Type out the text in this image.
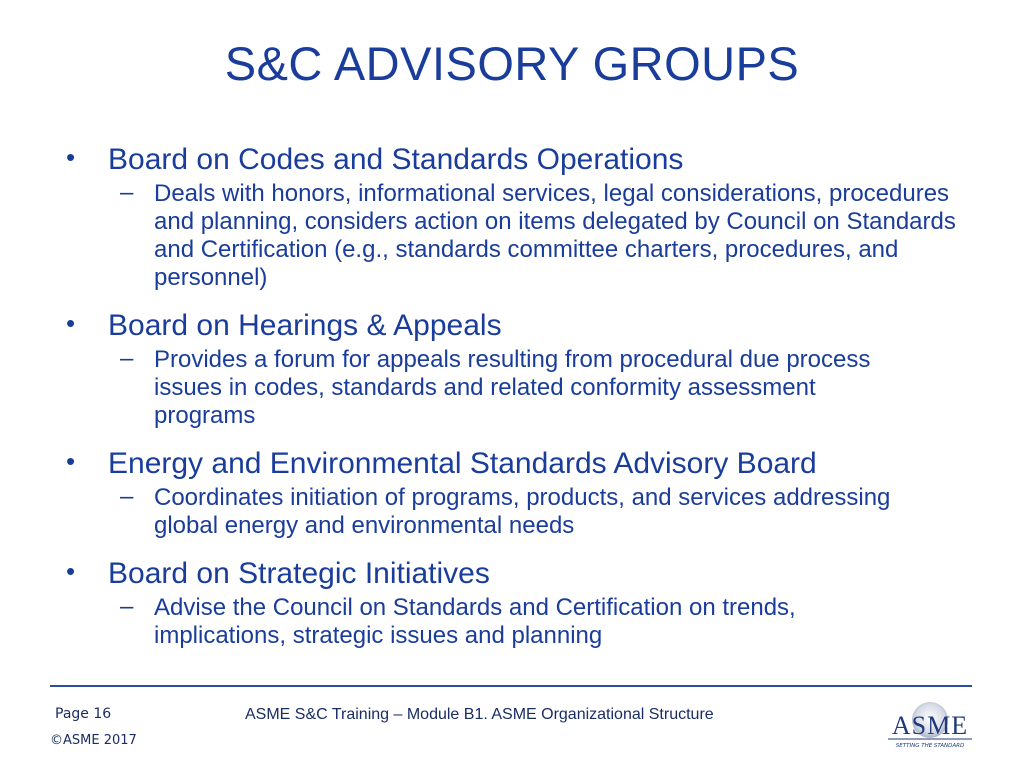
S&C ADVISORY GROUPS
• Board on Codes and Standards Operations
– Deals with honors, informational services, legal considerations, procedures and planning, considers action on items delegated by Council on Standards and Certification (e.g., standards committee charters, procedures, and personnel)
• Board on Hearings & Appeals
– Provides a forum for appeals resulting from procedural due process issues in codes, standards and related conformity assessment programs
• Energy and Environmental Standards Advisory Board
– Coordinates initiation of programs, products, and services addressing global energy and environmental needs
• Board on Strategic Initiatives
– Advise the Council on Standards and Certification on trends, implications, strategic issues and planning
Page 16	ASME S&C Training – Module B1. ASME Organizational Structure
©ASME 2017
ASME
SETTING THE STANDARD
